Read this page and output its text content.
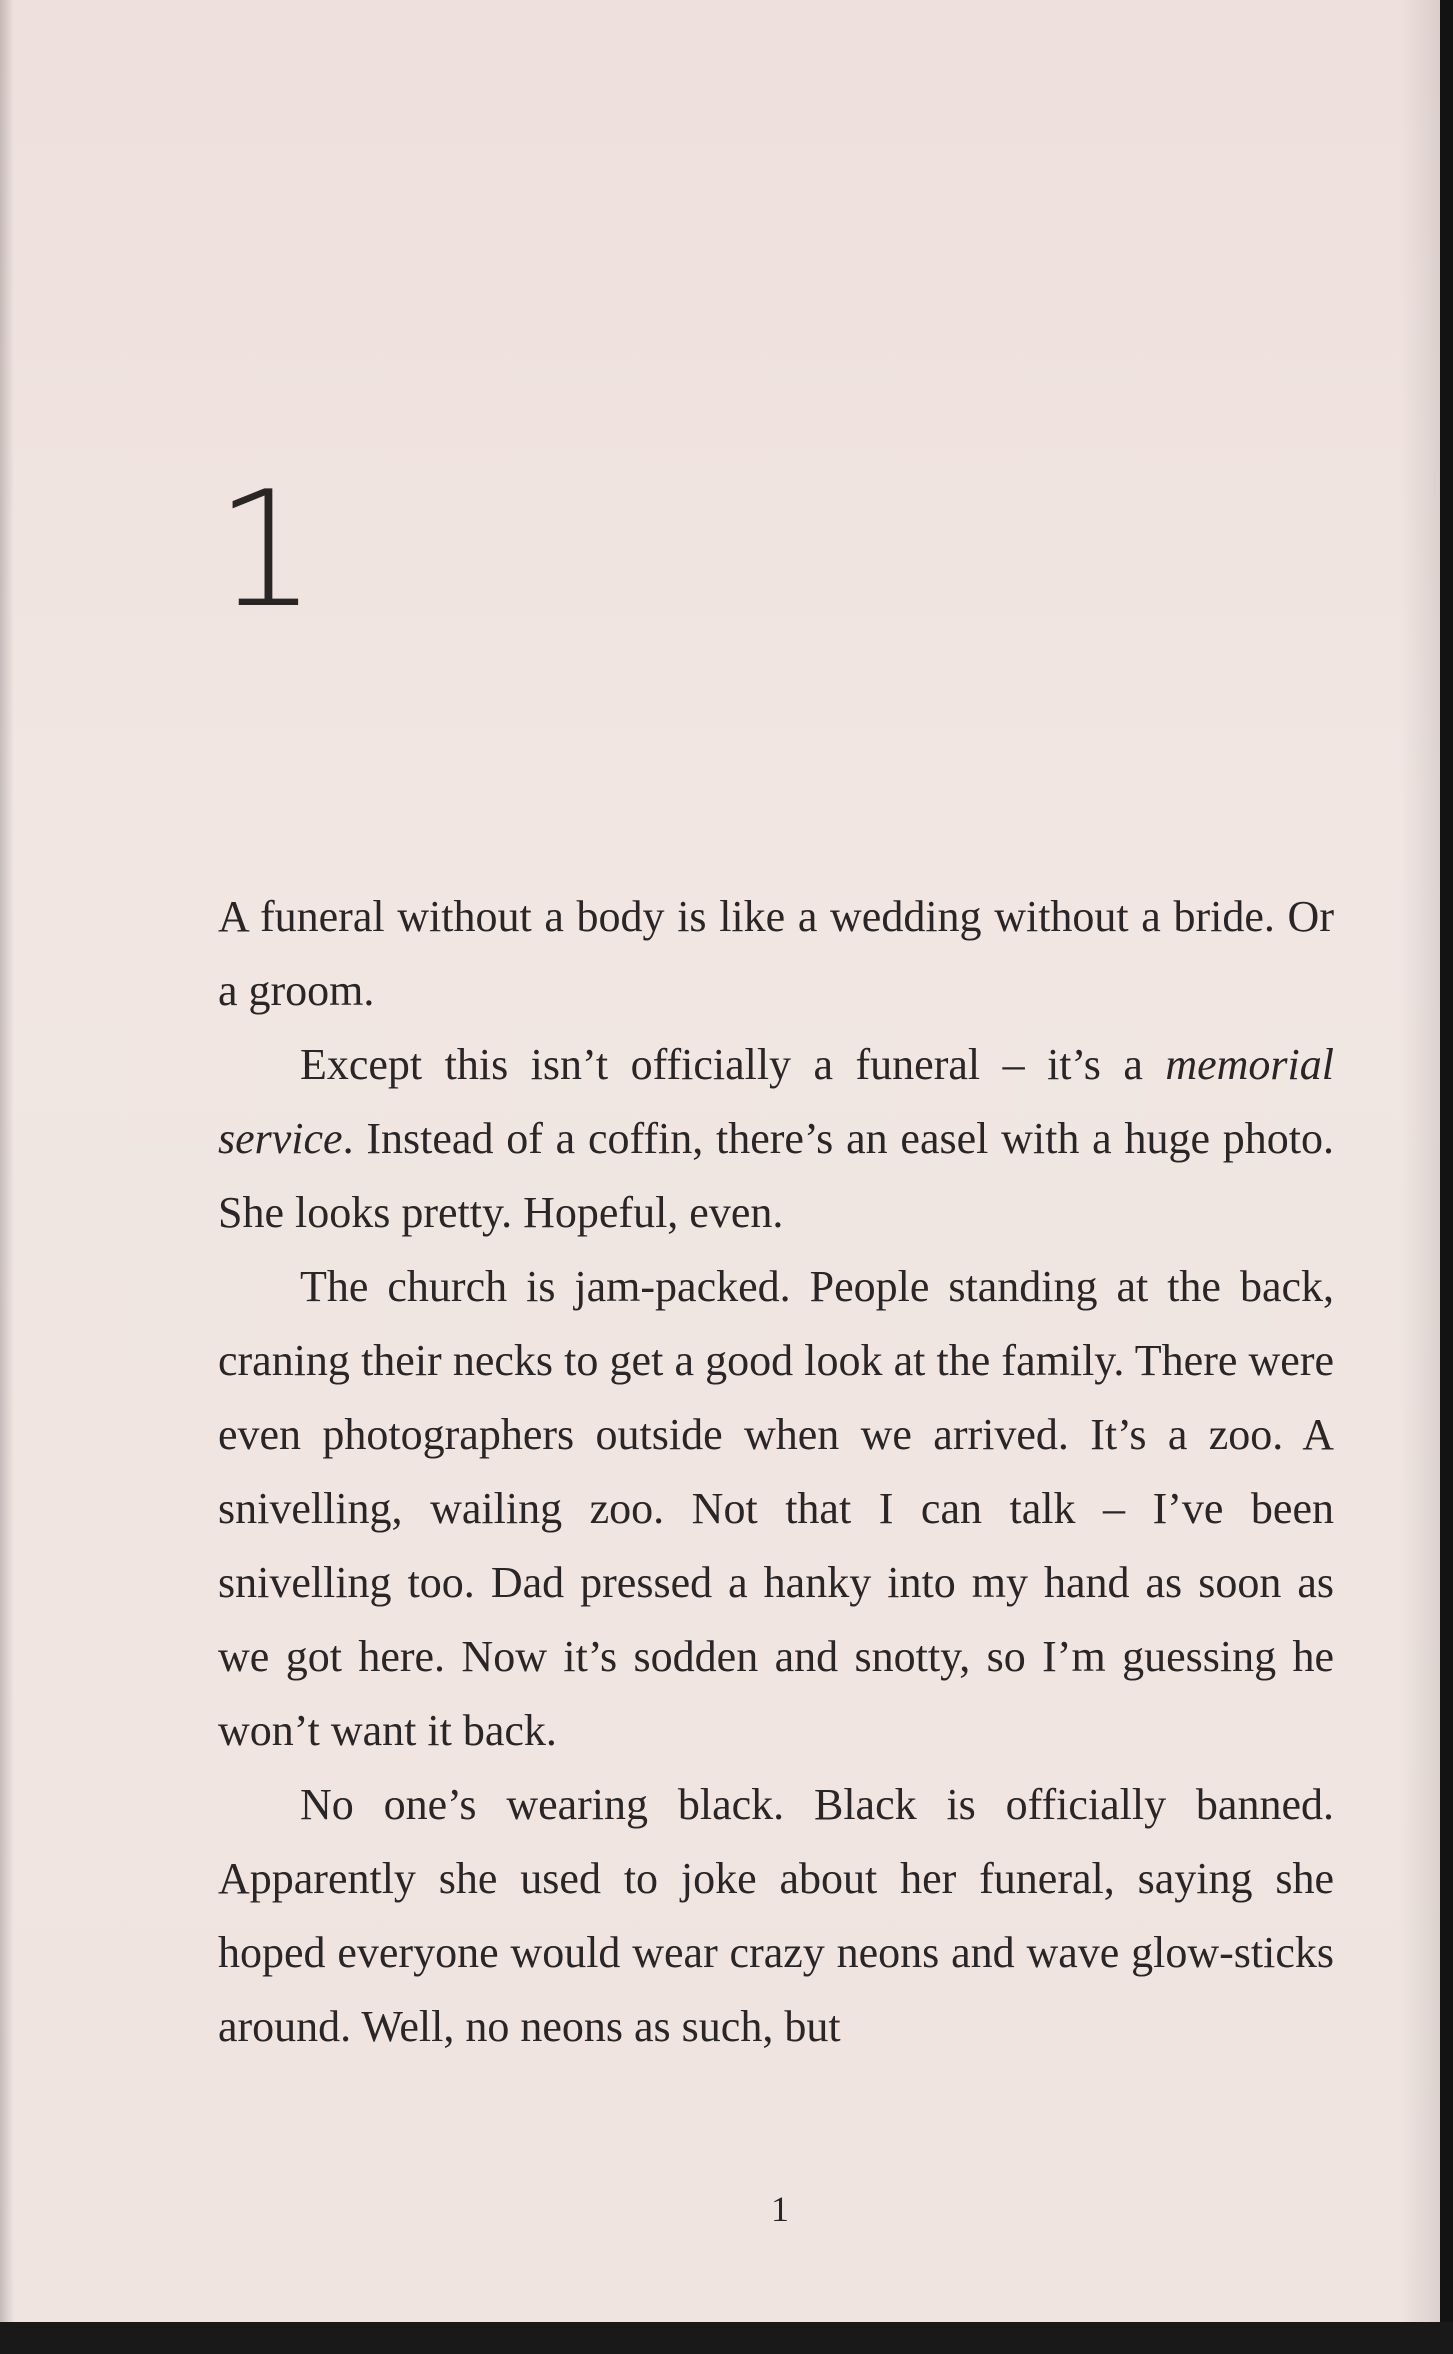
1

A funeral without a body is like a wedding without a bride. Or a groom.

Except this isn’t officially a funeral – it’s a memorial service. Instead of a coffin, there’s an easel with a huge photo. She looks pretty. Hopeful, even.

The church is jam-packed. People standing at the back, craning their necks to get a good look at the family. There were even photographers outside when we arrived. It’s a zoo. A snivelling, wailing zoo. Not that I can talk – I’ve been snivelling too. Dad pressed a hanky into my hand as soon as we got here. Now it’s sodden and snotty, so I’m guessing he won’t want it back.

No one’s wearing black. Black is officially banned. Apparently she used to joke about her funeral, saying she hoped everyone would wear crazy neons and wave glow-sticks around. Well, no neons as such, but

1
